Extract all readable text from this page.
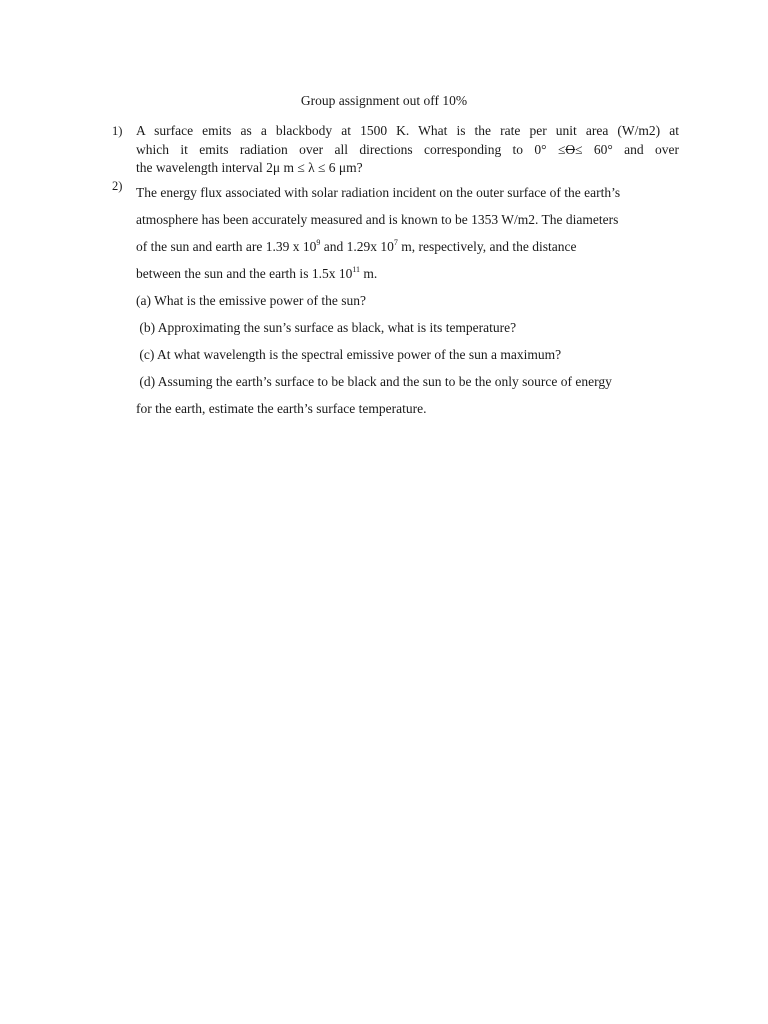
Group assignment out off 10%
1) A surface emits as a blackbody at 1500 K. What is the rate per unit area (W/m2) at
which it emits radiation over all directions corresponding to 0° ≤Ө≤ 60° and over
the wavelength interval 2μ m ≤ λ ≤ 6 μm?
2) The energy flux associated with solar radiation incident on the outer surface of the earth’s
atmosphere has been accurately measured and is known to be 1353 W/m2. The diameters
of the sun and earth are 1.39 x $10^9$ and 1.29x $10^7$ m, respectively, and the distance
between the sun and the earth is 1.5x $10^{11}$ m.
(a) What is the emissive power of the sun?
(b) Approximating the sun’s surface as black, what is its temperature?
(c) At what wavelength is the spectral emissive power of the sun a maximum?
(d) Assuming the earth’s surface to be black and the sun to be the only source of energy
for the earth, estimate the earth’s surface temperature.
